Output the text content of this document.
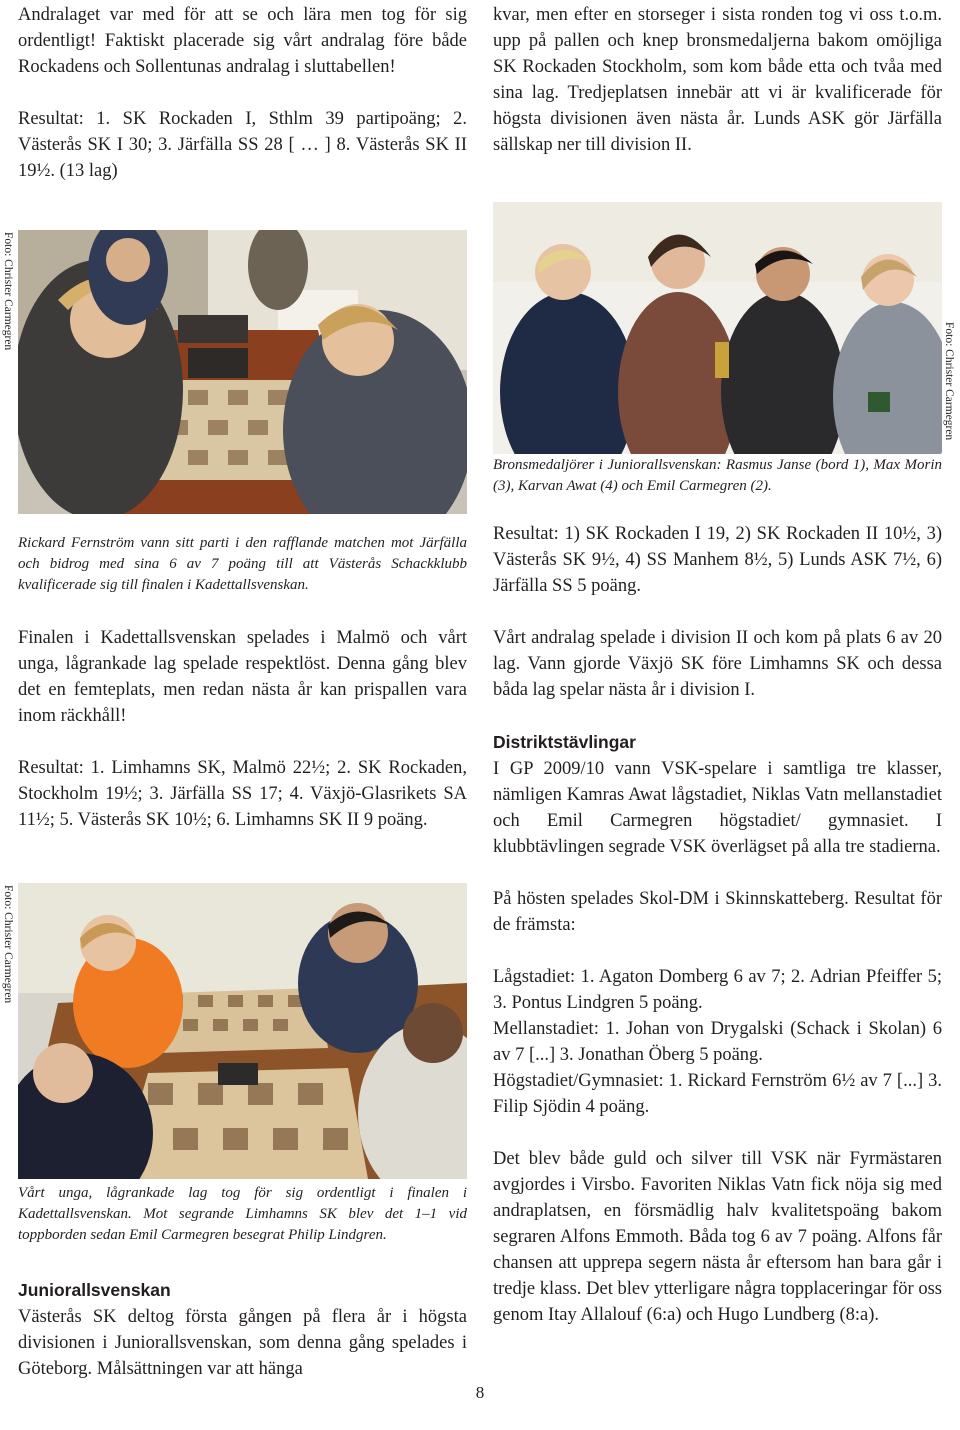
Andralaget var med för att se och lära men tog för sig ordentligt! Faktiskt placerade sig vårt andralag före både Rockadens och Sollentunas andralag i sluttabellen!

Resultat: 1. SK Rockaden I, Sthlm 39 partipoäng; 2. Västerås SK I 30; 3. Järfälla SS 28 [ … ] 8. Västerås SK II 19½. (13 lag)

kvar, men efter en storseger i sista ronden tog vi oss t.o.m. upp på pallen och knep bronsmedaljerna bakom omöjliga SK Rockaden Stockholm, som kom både etta och tvåa med sina lag. Tredjeplatsen innebär att vi är kvalificerade för högsta divisionen även nästa år. Lunds ASK gör Järfälla sällskap ner till division II.

Foto: Christer Carmegren
Rickard Fernström vann sitt parti i den rafflande matchen mot Järfälla och bidrog med sina 6 av 7 poäng till att Västerås Schackklubb kvalificerade sig till finalen i Kadettallsvenskan.
Foto: Christer Carmegren
Bronsmedaljörer i Juniorallsvenskan: Rasmus Janse (bord 1), Max Morin (3), Karvan Awat (4) och Emil Carmegren (2).

Resultat: 1) SK Rockaden I 19, 2) SK Rockaden II 10½, 3) Västerås SK 9½, 4) SS Manhem 8½, 5) Lunds ASK 7½, 6) Järfälla SS 5 poäng.

Vårt andralag spelade i division II och kom på plats 6 av 20 lag. Vann gjorde Växjö SK före Limhamns SK och dessa båda lag spelar nästa år i division I.

Finalen i Kadettallsvenskan spelades i Malmö och vårt unga, lågrankade lag spelade respektlöst. Denna gång blev det en femteplats, men redan nästa år kan prispallen vara inom räckhåll!

Resultat: 1. Limhamns SK, Malmö 22½; 2. SK Rockaden, Stockholm 19½; 3. Järfälla SS 17; 4. Växjö-Glasrikets SA 11½; 5. Västerås SK 10½; 6. Limhamns SK II 9 poäng.

Distriktstävlingar

I GP 2009/10 vann VSK-spelare i samtliga tre klasser, nämligen Kamras Awat lågstadiet, Niklas Vatn mellanstadiet och Emil Carmegren högstadiet/ gymnasiet. I klubbtävlingen segrade VSK överlägset på alla tre stadierna.

På hösten spelades Skol-DM i Skinnskatteberg. Resultat för de främsta:

Lågstadiet: 1. Agaton Domberg 6 av 7; 2. Adrian Pfeiffer 5; 3. Pontus Lindgren 5 poäng.

Mellanstadiet: 1. Johan von Drygalski (Schack i Skolan) 6 av 7 [...] 3. Jonathan Öberg 5 poäng.

Högstadiet/Gymnasiet: 1. Rickard Fernström 6½ av 7 [...] 3. Filip Sjödin 4 poäng.

Det blev både guld och silver till VSK när Fyrmästaren avgjordes i Virsbo. Favoriten Niklas Vatn fick nöja sig med andraplatsen, en försmädlig halv kvalitetspoäng bakom segraren Alfons Emmoth. Båda tog 6 av 7 poäng. Alfons får chansen att upprepa segern nästa år eftersom han bara går i tredje klass. Det blev ytterligare några topplaceringar för oss genom Itay Allalouf (6:a) och Hugo Lundberg (8:a).

Foto: Christer Carmegren
Vårt unga, lågrankade lag tog för sig ordentligt i finalen i Kadettallsvenskan. Mot segrande Limhamns SK blev det 1–1 vid toppborden sedan Emil Carmegren besegrat Philip Lindgren.
Juniorallsvenskan

Västerås SK deltog första gången på flera år i högsta divisionen i Juniorallsvenskan, som denna gång spelades i Göteborg. Målsättningen var att hänga

8
